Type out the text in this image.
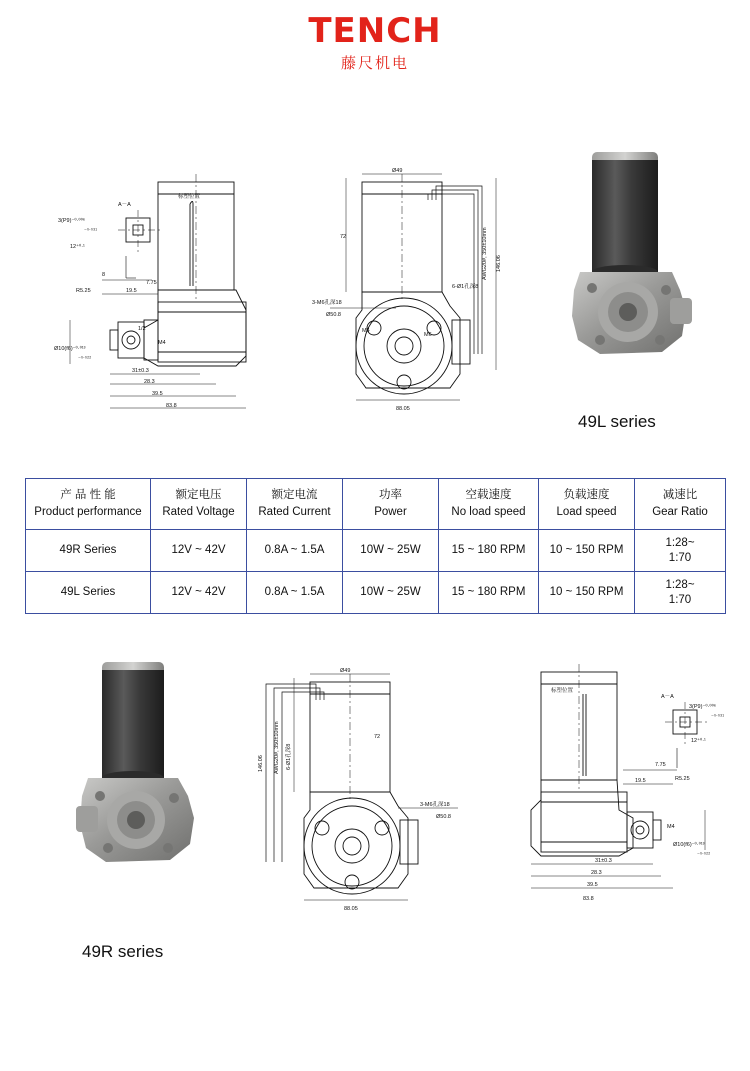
TENCH
藤尺机电
A－A
3(P9)⁻⁰·⁰⁰⁶
₋₀.₀₃₁
12⁺⁰·¹
8
R5.25	19.5
7.75
1/2
M4
Ø10(f6)⁻⁰·⁰¹³
₋₀.₀₂₂
31±0.3
28.3
39.5
83.8
标塑位置
Ø49
72
6-Ø1孔深8
AWG20#, 350±10mm 146.06
3-M6孔深18
Ø50.8
M4
M6
88.05
49L series
产 品 性 能
Product performance	额定电压
Rated Voltage	额定电流
Rated Current	功率
Power	空载速度
No load speed	负载速度
Load speed	减速比
Gear Ratio

49R Series	12V ~ 42V	0.8A ~ 1.5A	10W ~ 25W	15 ~ 180 RPM	10 ~ 150 RPM	1:28~
1:70

49L Series	12V ~ 42V	0.8A ~ 1.5A	10W ~ 25W	15 ~ 180 RPM	10 ~ 150 RPM	1:28~
1:70
49R series
Ø49
72
AWG20#, 350±10mm	6-Ø1孔深8
146.06
3-M6孔深18
Ø50.8
88.05
标塑位置
A－A
3(P9)⁻⁰·⁰⁰⁶
₋₀.₀₃₁
12⁺⁰·¹
7.75
R5.25
19.5
M4
Ø10(f6)⁻⁰·⁰¹³
₋₀.₀₂₂
31±0.3
28.3
39.5
83.8
